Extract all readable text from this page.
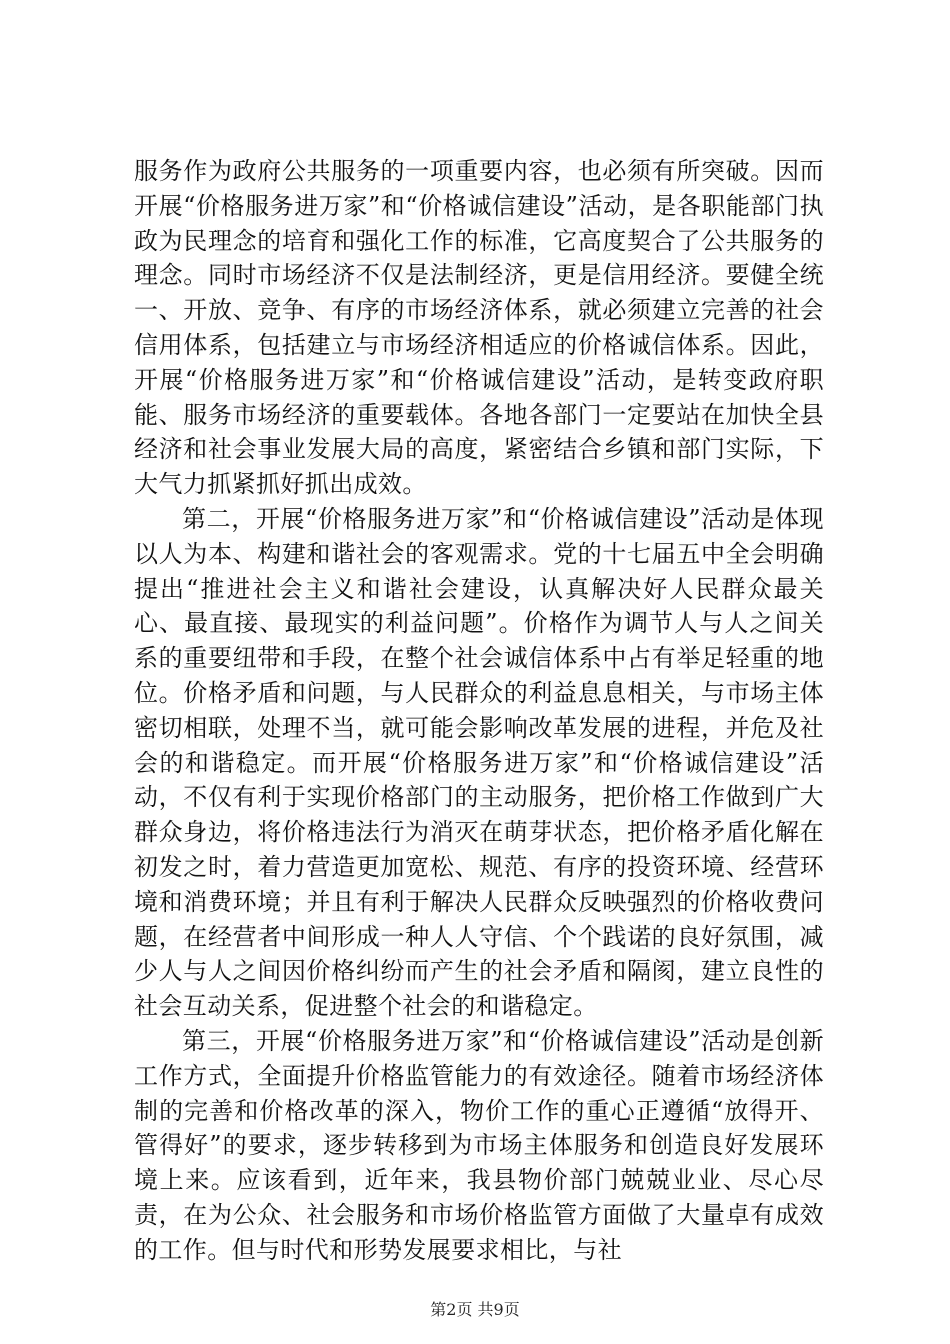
服务作为政府公共服务的一项重要内容，也必须有所突破。因而开展“价格服务进万家”和“价格诚信建设”活动，是各职能部门执政为民理念的培育和强化工作的标准，它高度契合了公共服务的理念。同时市场经济不仅是法制经济，更是信用经济。要健全统一、开放、竞争、有序的市场经济体系，就必须建立完善的社会信用体系，包括建立与市场经济相适应的价格诚信体系。因此，开展“价格服务进万家”和“价格诚信建设”活动，是转变政府职能、服务市场经济的重要载体。各地各部门一定要站在加快全县经济和社会事业发展大局的高度，紧密结合乡镇和部门实际，下大气力抓紧抓好抓出成效。

第二，开展“价格服务进万家”和“价格诚信建设”活动是体现以人为本、构建和谐社会的客观需求。党的十七届五中全会明确提出“推进社会主义和谐社会建设，认真解决好人民群众最关心、最直接、最现实的利益问题”。价格作为调节人与人之间关系的重要纽带和手段，在整个社会诚信体系中占有举足轻重的地位。价格矛盾和问题，与人民群众的利益息息相关，与市场主体密切相联，处理不当，就可能会影响改革发展的进程，并危及社会的和谐稳定。而开展“价格服务进万家”和“价格诚信建设”活动，不仅有利于实现价格部门的主动服务，把价格工作做到广大群众身边，将价格违法行为消灭在萌芽状态，把价格矛盾化解在初发之时，着力营造更加宽松、规范、有序的投资环境、经营环境和消费环境；并且有利于解决人民群众反映强烈的价格收费问题，在经营者中间形成一种人人守信、个个践诺的良好氛围，减少人与人之间因价格纠纷而产生的社会矛盾和隔阂，建立良性的社会互动关系，促进整个社会的和谐稳定。

第三，开展“价格服务进万家”和“价格诚信建设”活动是创新工作方式，全面提升价格监管能力的有效途径。随着市场经济体制的完善和价格改革的深入，物价工作的重心正遵循“放得开、管得好”的要求，逐步转移到为市场主体服务和创造良好发展环境上来。应该看到，近年来，我县物价部门兢兢业业、尽心尽责，在为公众、社会服务和市场价格监管方面做了大量卓有成效的工作。但与时代和形势发展要求相比，与社

第2页 共9页
